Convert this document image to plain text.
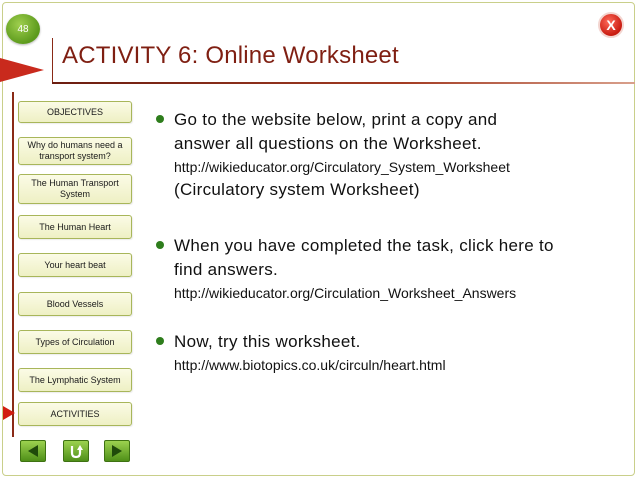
48	X
ACTIVITY 6: Online Worksheet
OBJECTIVES
Why do humans need a transport system?
The Human Transport System
The Human Heart
Your heart beat
Blood Vessels
Types of Circulation
The Lymphatic System
ACTIVITIES
Go to the website below, print a copy and
answer all questions on the Worksheet.
http://wikieducator.org/Circulatory_System_Worksheet
(Circulatory system Worksheet)
When you have completed the task, click here to
find answers.
http://wikieducator.org/Circulation_Worksheet_Answers
Now, try this worksheet.
http://www.biotopics.co.uk/circuln/heart.html
